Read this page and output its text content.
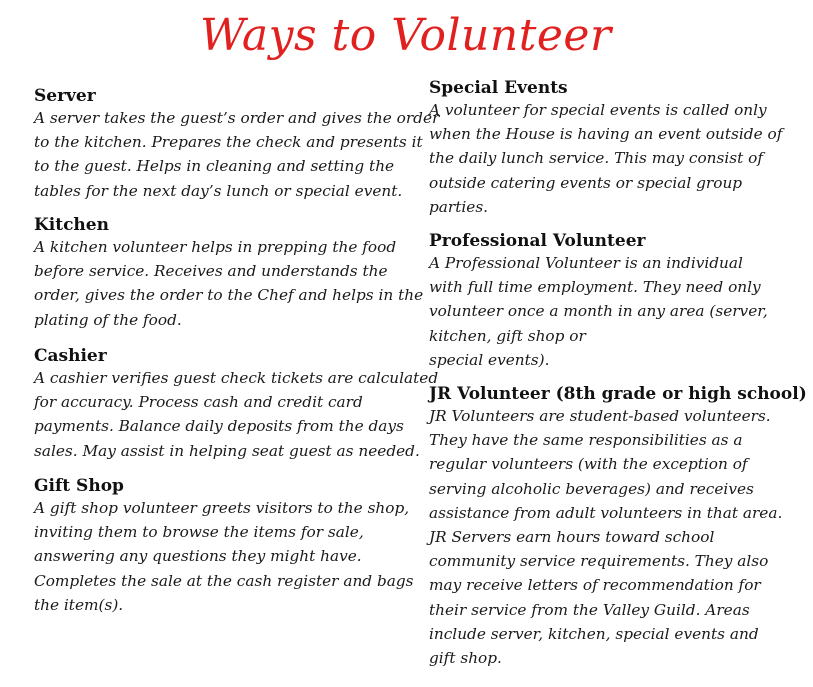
Ways to Volunteer
Server

A server takes the guest’s order and gives the order
to the kitchen. Prepares the check and presents it
to the guest. Helps in cleaning and setting the
tables for the next day’s lunch or special event.

Kitchen

A kitchen volunteer helps in prepping the food
before service. Receives and understands the
order, gives the order to the Chef and helps in the
plating of the food.

Cashier

A cashier verifies guest check tickets are calculated
for accuracy. Process cash and credit card
payments. Balance daily deposits from the days
sales. May assist in helping seat guest as needed.

Gift Shop

A gift shop volunteer greets visitors to the shop,
inviting them to browse the items for sale,
answering any questions they might have.
Completes the sale at the cash register and bags
the item(s).

Special Events

A volunteer for special events is called only
when the House is having an event outside of
the daily lunch service. This may consist of
outside catering events or special group
parties.

Professional Volunteer

A Professional Volunteer is an individual
with full time employment. They need only
volunteer once a month in any area (server,
kitchen, gift shop or
special events).

JR Volunteer (8th grade or high school)

JR Volunteers are student-based volunteers.
They have the same responsibilities as a
regular volunteers (with the exception of
serving alcoholic beverages) and receives
assistance from adult volunteers in that area.
JR Servers earn hours toward school
community service requirements. They also
may receive letters of recommendation for
their service from the Valley Guild. Areas
include server, kitchen, special events and
gift shop.
